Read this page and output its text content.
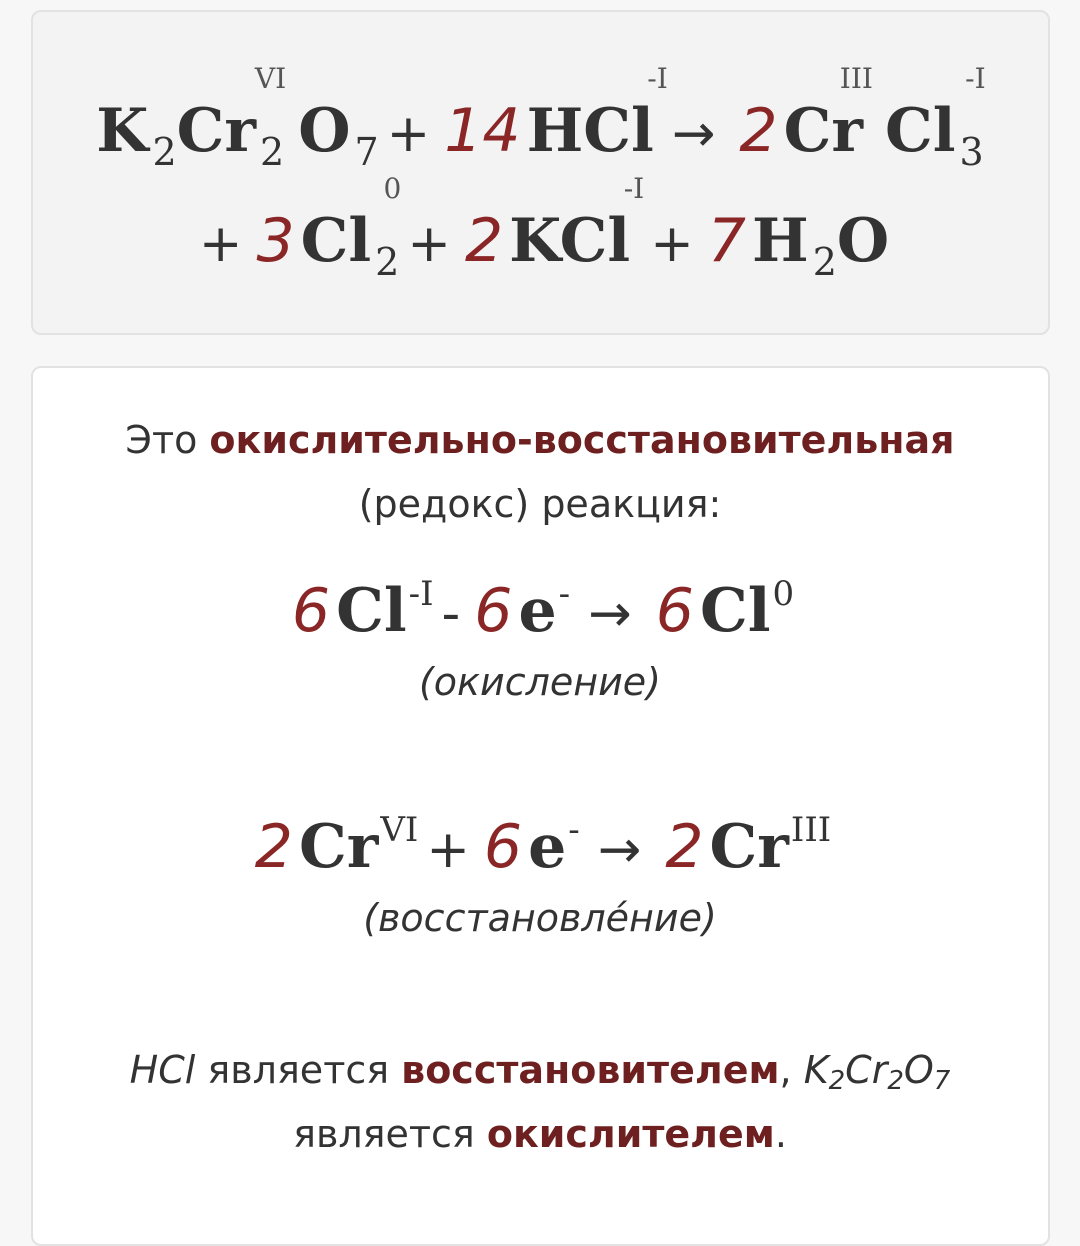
K $_2$Cr $_2$
VI
O $_7$ + 14 HCl
-I
→ 2 Cr
III
Cl $_3$
-I
+ 3 Cl $_2$
0
+ 2 KCl
-I
+ 7 H $_2$O
Это окислительно-восстановительная
(редокс) реакция:
6 $Cl^{-I} - 6$ e- → 6 Cl$^0$
(окисление)
2 $Cr^{VI} + 6$ e- → 2 $Cr^{III}$
(восстановле́ние)
HCl является восстановителем, $K_2Cr_2O_7$
является окислителем.
